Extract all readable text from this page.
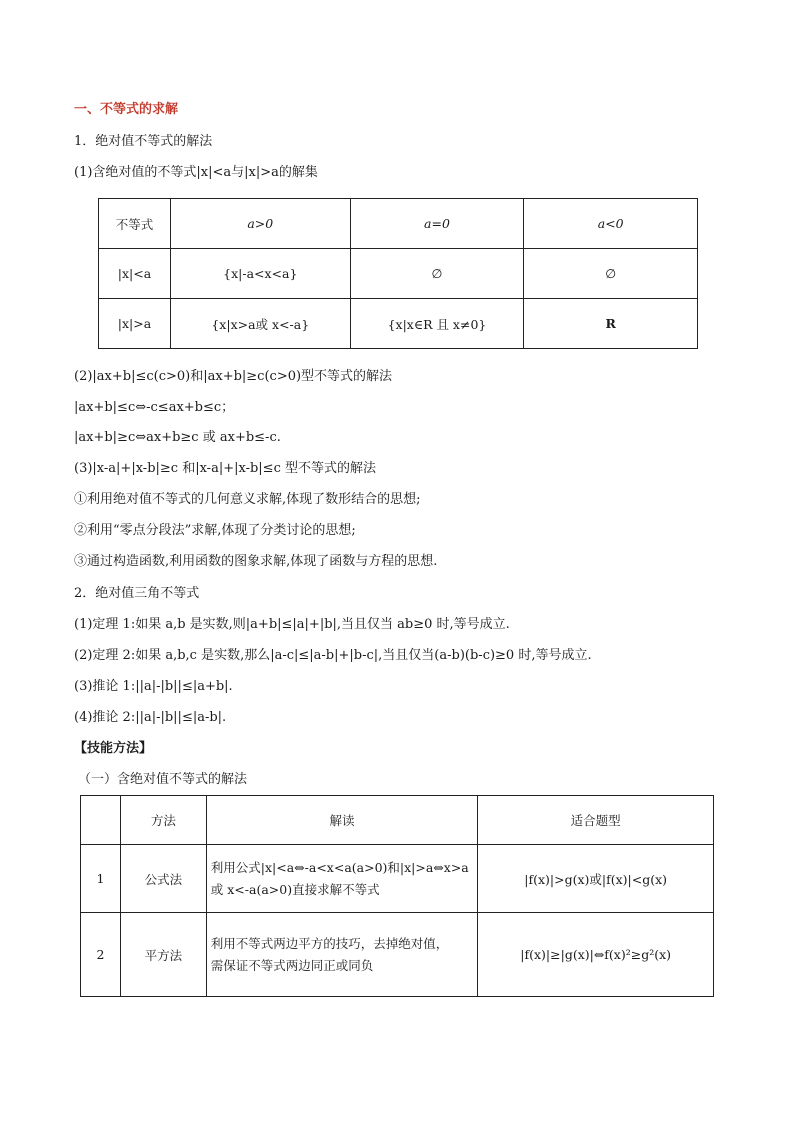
一、不等式的求解
1．绝对值不等式的解法
(1)含绝对值的不等式|x|<a与|x|>a的解集
不等式	a>0	a=0	a<0
|x|<a	{x|-a<x<a}	∅	∅
|x|>a	{x|x>a或 x<-a}	{x|x∈R 且 x≠0}	R
(2)|ax+b|≤c(c>0)和|ax+b|≥c(c>0)型不等式的解法
|ax+b|≤c⇔-c≤ax+b≤c；
|ax+b|≥c⇔ax+b≥c 或 ax+b≤-c.
(3)|x-a|+|x-b|≥c 和|x-a|+|x-b|≤c 型不等式的解法
①利用绝对值不等式的几何意义求解,体现了数形结合的思想;
②利用“零点分段法”求解,体现了分类讨论的思想;
③通过构造函数,利用函数的图象求解,体现了函数与方程的思想.
2．绝对值三角不等式
(1)定理 1:如果 a,b 是实数,则|a+b|≤|a|+|b|,当且仅当 ab≥0 时,等号成立.
(2)定理 2:如果 a,b,c 是实数,那么|a-c|≤|a-b|+|b-c|,当且仅当(a-b)(b-c)≥0 时,等号成立.
(3)推论 1:||a|-|b||≤|a+b|.
(4)推论 2:||a|-|b||≤|a-b|.
【技能方法】
（一）含绝对值不等式的解法
	方法	解读	适合题型
1	公式法	利用公式|x|<a⇔-a<x<a(a>0)和|x|>a⇔x>a
或 x<-a(a>0)直接求解不等式	|f(x)|>g(x)或|f(x)|<g(x)
2	平方法	利用不等式两边平方的技巧，去掉绝对值，
需保证不等式两边同正或同负	|f(x)|≥|g(x)|⇔f(x)²≥g²(x)
